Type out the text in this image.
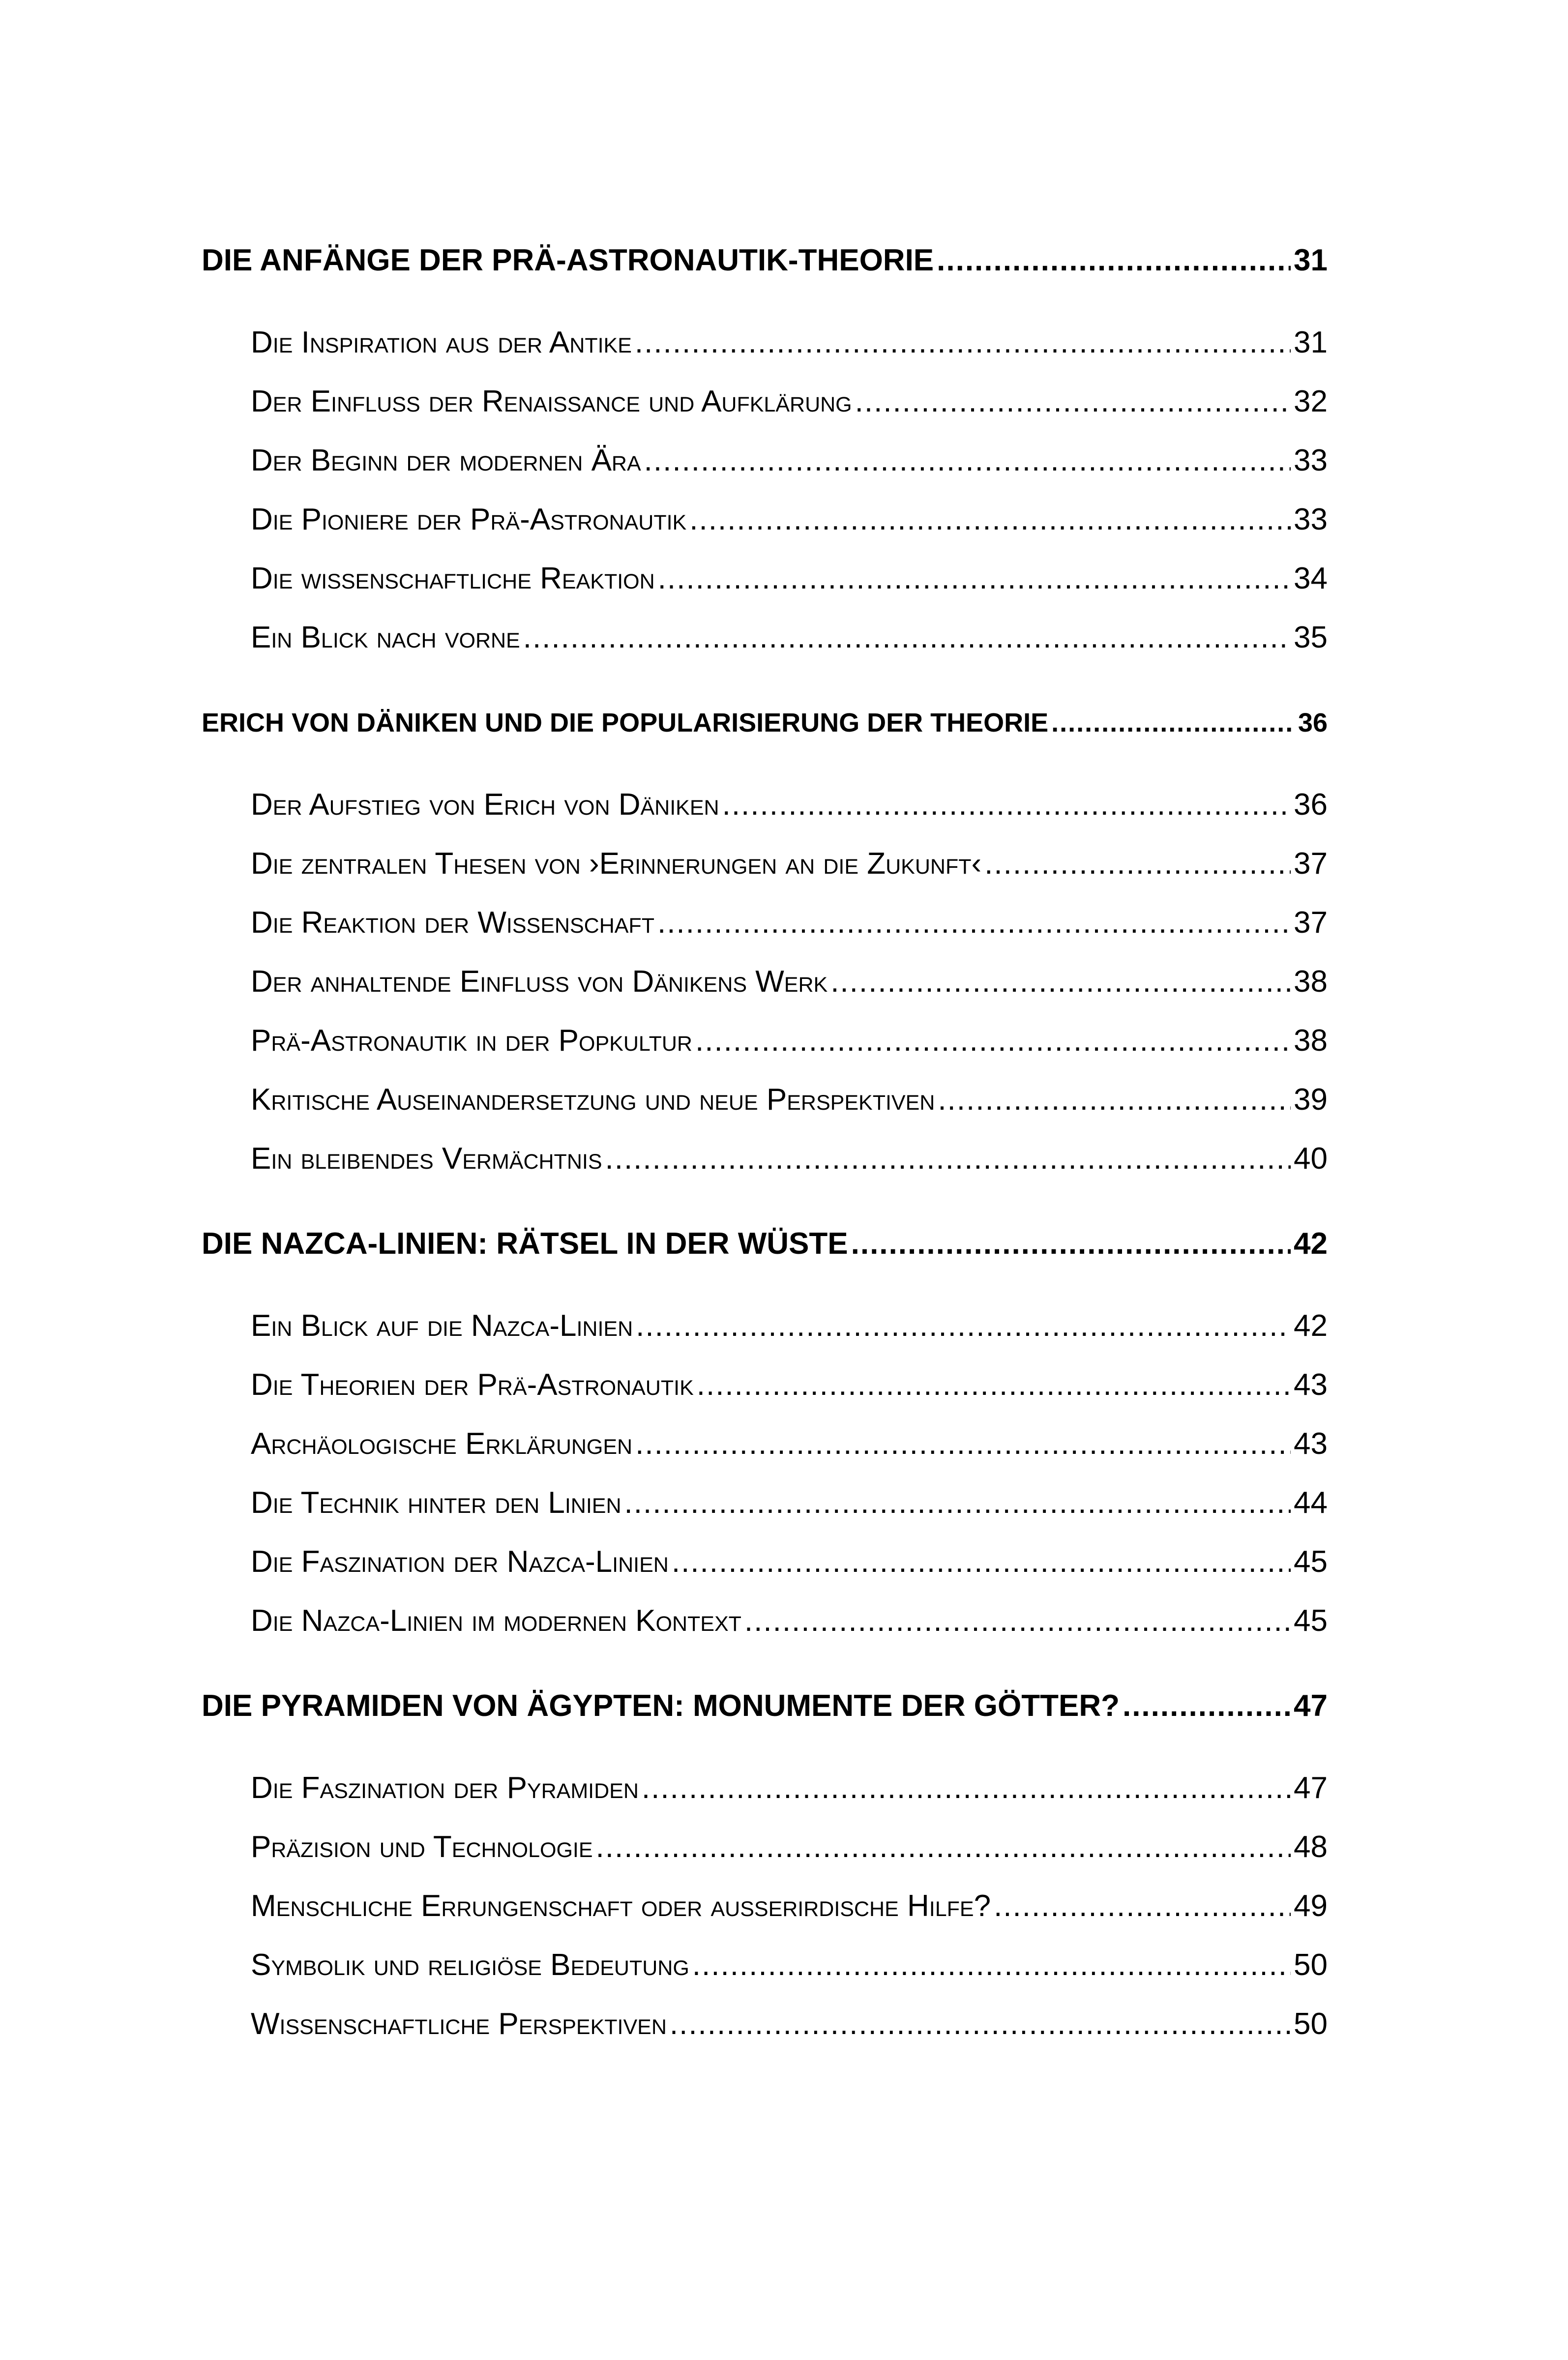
DIE ANFÄNGE DER PRÄ-ASTRONAUTIK-THEORIE .....	31
Die Inspiration aus der Antike .....	31
Der Einfluss der Renaissance und Aufklärung .....	32
Der Beginn der modernen Ära .....	33
Die Pioniere der Prä-Astronautik .....	33
Die wissenschaftliche Reaktion .....	34
Ein Blick nach vorne .....	35
ERICH VON DÄNIKEN UND DIE POPULARISIERUNG DER THEORIE .....	36
Der Aufstieg von Erich von Däniken .....	36
Die zentralen Thesen von ›Erinnerungen an die Zukunft‹ .....	37
Die Reaktion der Wissenschaft .....	37
Der anhaltende Einfluss von Dänikens Werk .....	38
Prä-Astronautik in der Popkultur .....	38
Kritische Auseinandersetzung und neue Perspektiven .....	39
Ein bleibendes Vermächtnis .....	40
DIE NAZCA-LINIEN: RÄTSEL IN DER WÜSTE .....	42
Ein Blick auf die Nazca-Linien .....	42
Die Theorien der Prä-Astronautik .....	43
Archäologische Erklärungen .....	43
Die Technik hinter den Linien .....	44
Die Faszination der Nazca-Linien .....	45
Die Nazca-Linien im modernen Kontext .....	45
DIE PYRAMIDEN VON ÄGYPTEN: MONUMENTE DER GÖTTER? .....	47
Die Faszination der Pyramiden .....	47
Präzision und Technologie .....	48
Menschliche Errungenschaft oder außerirdische Hilfe? .....	49
Symbolik und religiöse Bedeutung .....	50
Wissenschaftliche Perspektiven .....	50
